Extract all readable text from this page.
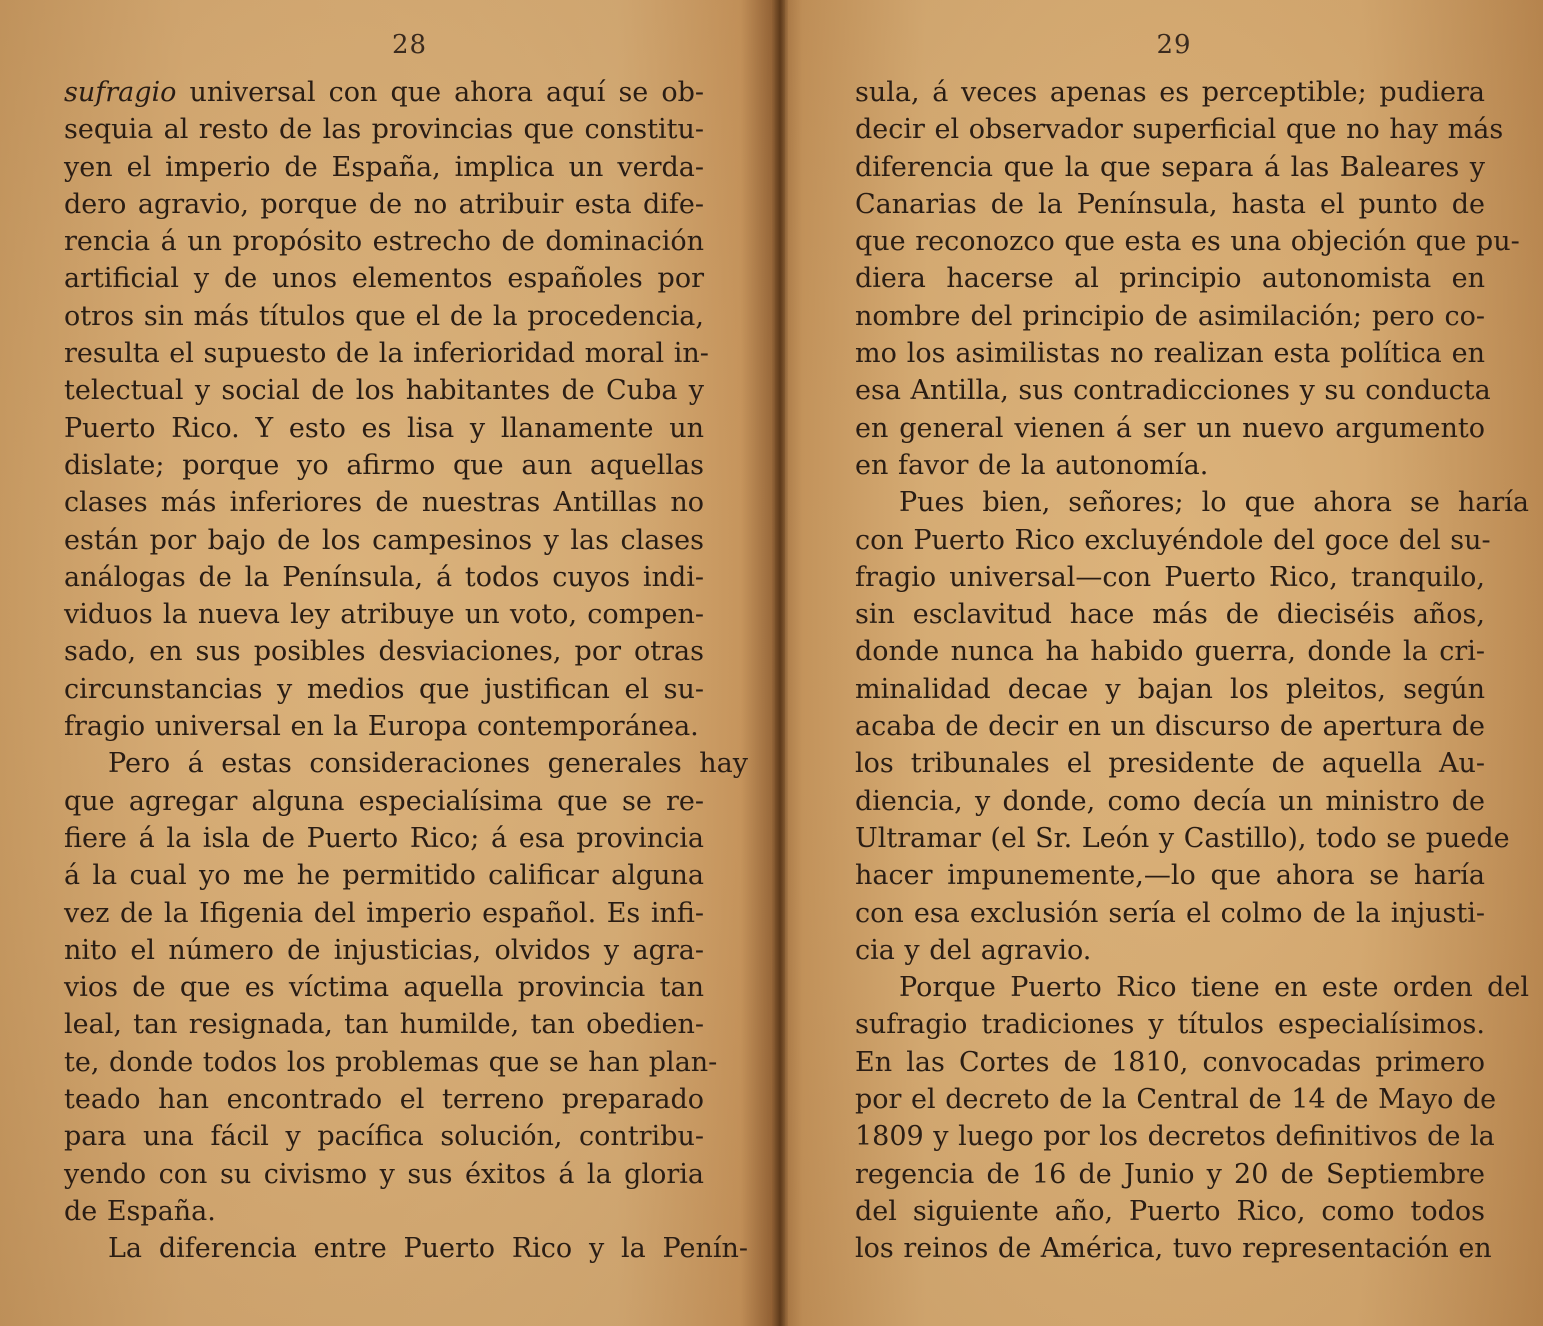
28
sufragio universal con que ahora aquí se ob-
sequia al resto de las provincias que constitu-
yen el imperio de España, implica un verda-
dero agravio, porque de no atribuir esta dife-
rencia á un propósito estrecho de dominación
artificial y de unos elementos españoles por
otros sin más títulos que el de la procedencia,
resulta el supuesto de la inferioridad moral in-
telectual y social de los habitantes de Cuba y
Puerto Rico. Y esto es lisa y llanamente un
dislate; porque yo afirmo que aun aquellas
clases más inferiores de nuestras Antillas no
están por bajo de los campesinos y las clases
análogas de la Península, á todos cuyos indi-
viduos la nueva ley atribuye un voto, compen-
sado, en sus posibles desviaciones, por otras
circunstancias y medios que justifican el su-
fragio universal en la Europa contemporánea.
Pero á estas consideraciones generales hay
que agregar alguna especialísima que se re-
fiere á la isla de Puerto Rico; á esa provincia
á la cual yo me he permitido calificar alguna
vez de la Ifigenia del imperio español. Es infi-
nito el número de injusticias, olvidos y agra-
vios de que es víctima aquella provincia tan
leal, tan resignada, tan humilde, tan obedien-
te, donde todos los problemas que se han plan-
teado han encontrado el terreno preparado
para una fácil y pacífica solución, contribu-
yendo con su civismo y sus éxitos á la gloria
de España.
La diferencia entre Puerto Rico y la Penín-
29
sula, á veces apenas es perceptible; pudiera
decir el observador superficial que no hay más
diferencia que la que separa á las Baleares y
Canarias de la Península, hasta el punto de
que reconozco que esta es una objeción que pu-
diera hacerse al principio autonomista en
nombre del principio de asimilación; pero co-
mo los asimilistas no realizan esta política en
esa Antilla, sus contradicciones y su conducta
en general vienen á ser un nuevo argumento
en favor de la autonomía.
Pues bien, señores; lo que ahora se haría
con Puerto Rico excluyéndole del goce del su-
fragio universal—con Puerto Rico, tranquilo,
sin esclavitud hace más de dieciséis años,
donde nunca ha habido guerra, donde la cri-
minalidad decae y bajan los pleitos, según
acaba de decir en un discurso de apertura de
los tribunales el presidente de aquella Au-
diencia, y donde, como decía un ministro de
Ultramar (el Sr. León y Castillo), todo se puede
hacer impunemente,—lo que ahora se haría
con esa exclusión sería el colmo de la injusti-
cia y del agravio.
Porque Puerto Rico tiene en este orden del
sufragio tradiciones y títulos especialísimos.
En las Cortes de 1810, convocadas primero
por el decreto de la Central de 14 de Mayo de
1809 y luego por los decretos definitivos de la
regencia de 16 de Junio y 20 de Septiembre
del siguiente año, Puerto Rico, como todos
los reinos de América, tuvo representación en
